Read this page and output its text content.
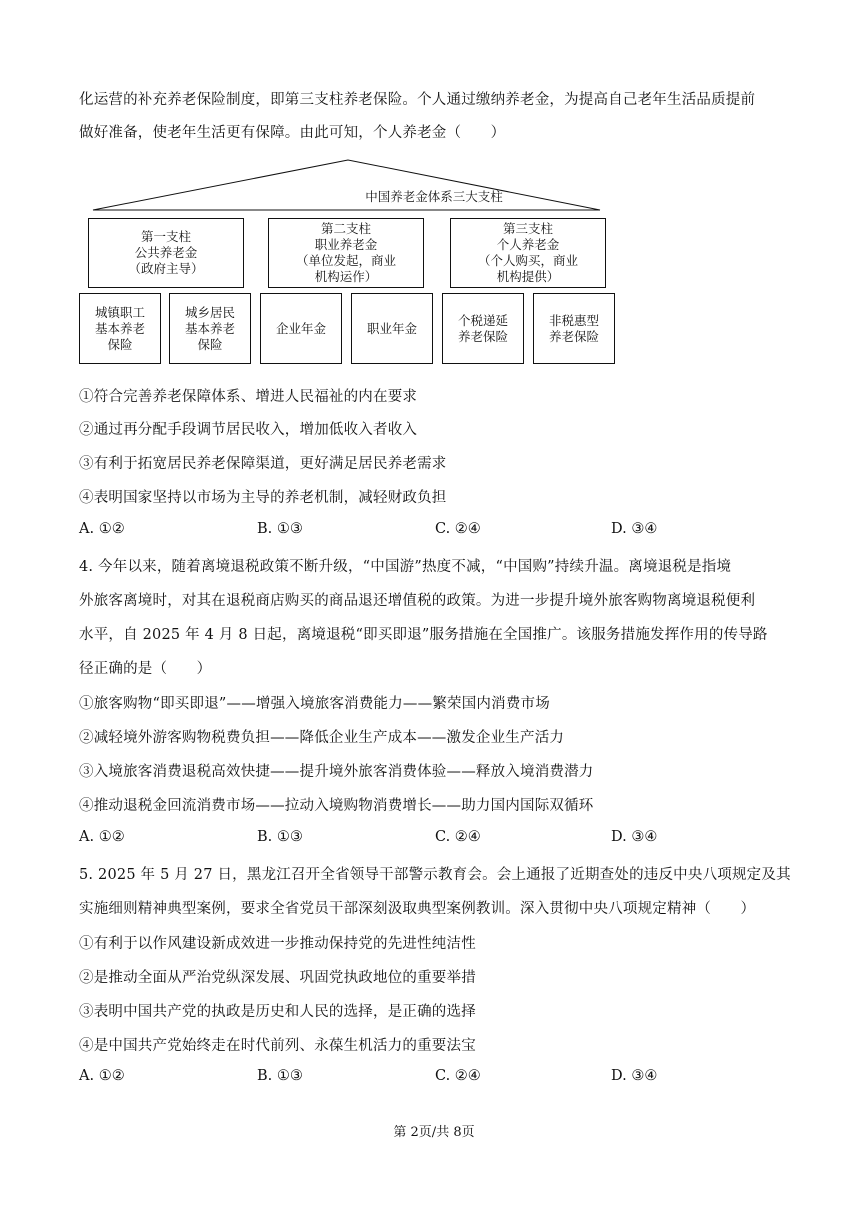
化运营的补充养老保险制度，即第三支柱养老保险。个人通过缴纳养老金，为提高自己老年生活品质提前
做好准备，使老年生活更有保障。由此可知，个人养老金（　　）
中国养老金体系三大支柱
第一支柱
公共养老金
（政府主导）
第二支柱
职业养老金
（单位发起，商业
机构运作）
第三支柱
个人养老金
（个人购买，商业
机构提供）
城镇职工
基本养老
保险
城乡居民
基本养老
保险
企业年金	职业年金
个税递延
养老保险
非税惠型
养老保险
①符合完善养老保障体系、增进人民福祉的内在要求
②通过再分配手段调节居民收入，增加低收入者收入
③有利于拓宽居民养老保障渠道，更好满足居民养老需求
④表明国家坚持以市场为主导的养老机制，减轻财政负担
A. ①②	B. ①③	C. ②④	D. ③④
4. 今年以来，随着离境退税政策不断升级，“中国游”热度不减，“中国购”持续升温。离境退税是指境
外旅客离境时，对其在退税商店购买的商品退还增值税的政策。为进一步提升境外旅客购物离境退税便利
水平，自 2025 年 4 月 8 日起，离境退税“即买即退”服务措施在全国推广。该服务措施发挥作用的传导路
径正确的是（　　）
①旅客购物“即买即退”——增强入境旅客消费能力——繁荣国内消费市场
②减轻境外游客购物税费负担——降低企业生产成本——激发企业生产活力
③入境旅客消费退税高效快捷——提升境外旅客消费体验——释放入境消费潜力
④推动退税金回流消费市场——拉动入境购物消费增长——助力国内国际双循环
A. ①②	B. ①③	C. ②④	D. ③④
5. 2025 年 5 月 27 日，黑龙江召开全省领导干部警示教育会。会上通报了近期查处的违反中央八项规定及其
实施细则精神典型案例，要求全省党员干部深刻汲取典型案例教训。深入贯彻中央八项规定精神（　　）
①有利于以作风建设新成效进一步推动保持党的先进性纯洁性
②是推动全面从严治党纵深发展、巩固党执政地位的重要举措
③表明中国共产党的执政是历史和人民的选择，是正确的选择
④是中国共产党始终走在时代前列、永葆生机活力的重要法宝
A. ①②	B. ①③	C. ②④	D. ③④
第 2页/共 8页
